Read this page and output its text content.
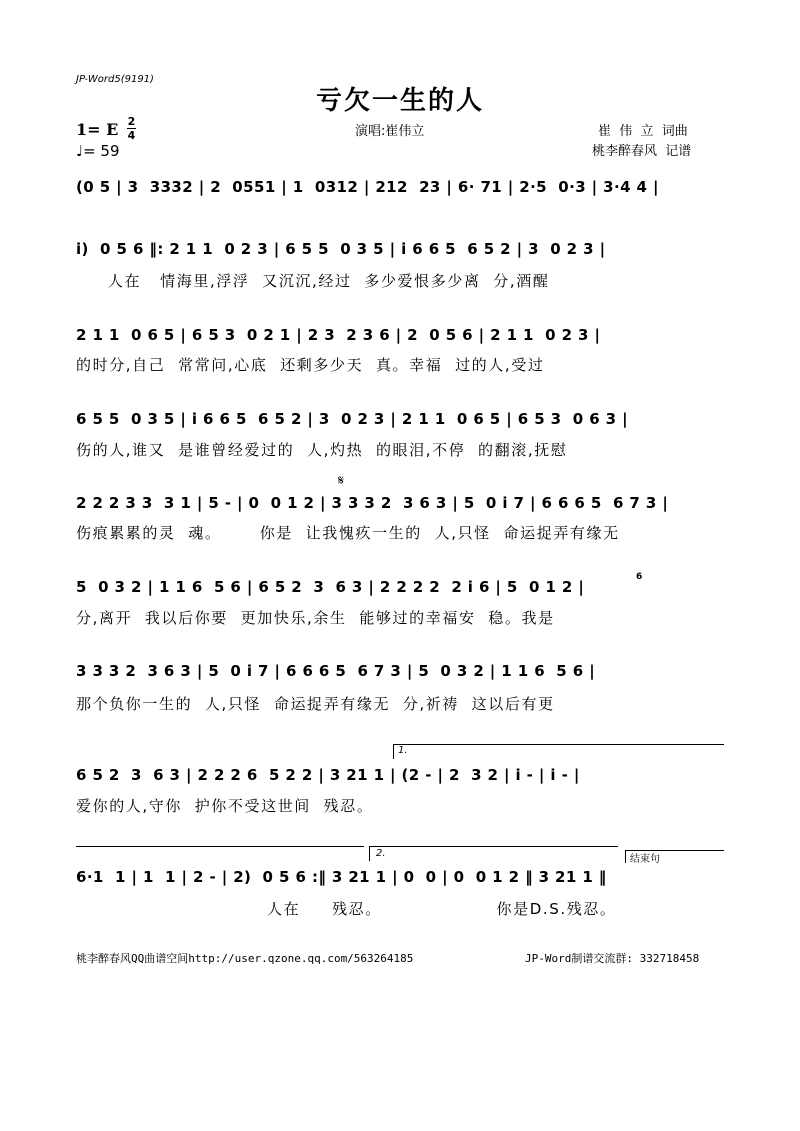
JP-Word5(9191)
亏欠一生的人
1= E 2
4
♩= 59
演唱:崔伟立	崔  伟  立  词曲
桃李醉春风  记谱
(0 5 | 3  3332 | 2  0551 | 1  0312 | 212  23 | 6· 71 | 2·5  0·3 | 3·4 4 |
i)  0 5 6 ‖: 2 1 1  0 2 3 | 6 5 5  0 3 5 | i 6 6 5  6 5 2 | 3  0 2 3 |
人在   情海里,浮浮  又沉沉,经过  多少爱恨多少离  分,酒醒
2 1 1  0 6 5 | 6 5 3  0 2 1 | 2 3  2 3 6 | 2  0 5 6 | 2 1 1  0 2 3 |
的时分,自己  常常问,心底  还剩多少天  真。幸福  过的人,受过
6 5 5  0 3 5 | i 6 6 5  6 5 2 | 3  0 2 3 | 2 1 1  0 6 5 | 6 5 3  0 6 3 |
伤的人,谁又  是谁曾经爱过的  人,灼热  的眼泪,不停  的翻滚,抚慰
𝄋
2 2 2 3 3  3 1 | 5 - | 0  0 1 2 | 3 3 3 2  3 6 3 | 5  0 i 7 | 6 6 6 5  6 7 3 |
伤痕累累的灵  魂。      你是  让我愧疚一生的  人,只怪  命运捉弄有缘无
6
5  0 3 2 | 1 1 6  5 6 | 6 5 2  3  6 3 | 2 2 2 2  2 i 6 | 5  0 1 2 |
分,离开  我以后你要  更加快乐,余生  能够过的幸福安  稳。我是
3 3 3 2  3 6 3 | 5  0 i 7 | 6 6 6 5  6 7 3 | 5  0 3 2 | 1 1 6  5 6 |
那个负你一生的  人,只怪  命运捉弄有缘无  分,祈祷  这以后有更
1.
6 5 2  3  6 3 | 2 2 2 6  5 2 2 | 3 21 1 | (2 - | 2  3 2 | i - | i - |
爱你的人,守你  护你不受这世间  残忍。
2.
结束句
6·1  1 | 1  1 | 2 - | 2)  0 5 6 :‖ 3 21 1 | 0  0 | 0  0 1 2 ‖ 3 21 1 ‖
人在     残忍。                  你是D.S.残忍。
桃李醉春风QQ曲谱空间http://user.qzone.qq.com/563264185	JP-Word制谱交流群: 332718458
